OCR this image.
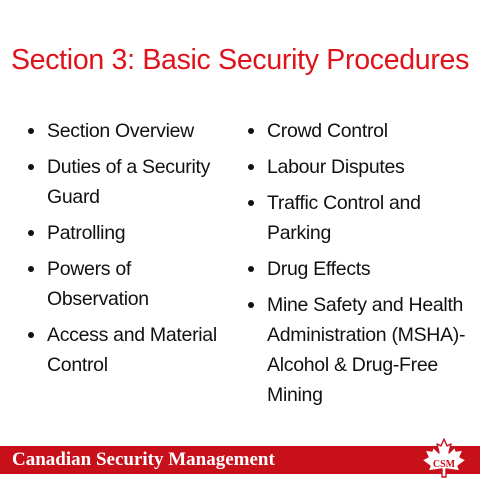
Section 3: Basic Security Procedures
Section Overview
Duties of a Security Guard
Patrolling
Powers of Observation
Access and Material Control
Crowd Control
Labour Disputes
Traffic Control and Parking
Drug Effects
Mine Safety and Health Administration (MSHA)-Alcohol & Drug-Free Mining
Canadian Security Management	CSM
